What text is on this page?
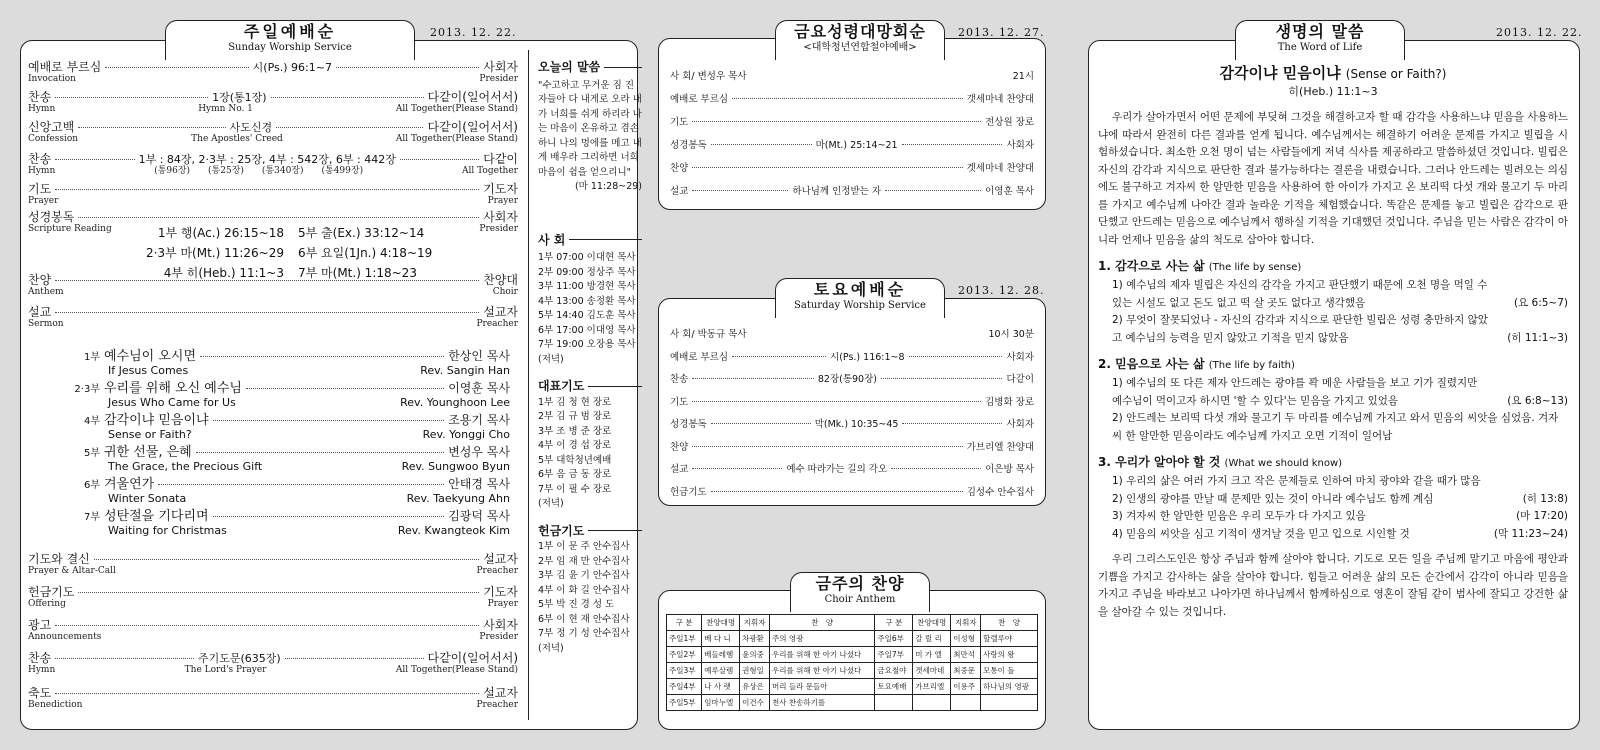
주일예배순
Sunday Worship Service
2013. 12. 22.
예배로 부르심	시(Ps.) 96:1~7	사회자
Invocation	Presider
찬송	1장(통1장)	다같이(일어서서)
Hymn	Hymn No. 1	All Together(Please Stand)
신앙고백	사도신경	다같이(일어서서)
Confession	The Apostles' Creed	All Together(Please Stand)
찬송	1부 : 84장, 2·3부 : 25장, 4부 : 542장, 6부 : 442장	다같이
Hymn	(통96장)　　(통25장)　　(통340장)　　(통499장)	All Together
기도	기도자
Prayer	Prayer
성경봉독	사회자
Scripture Reading	Presider
찬양	찬양대
Anthem	Choir
설교	설교자
Sermon	Preacher
1부 행(Ac.) 26:15~18	5부 출(Ex.) 33:12~14
2·3부 마(Mt.) 11:26~29	6부 요일(1Jn.) 4:18~19
4부 히(Heb.) 11:1~3	7부 마(Mt.) 1:18~23
1부 예수님이 오시면	한상인 목사
If Jesus Comes	Rev. Sangin Han
2·3부 우리를 위해 오신 예수님	이영훈 목사
Jesus Who Came for Us	Rev. Younghoon Lee
4부 감각이냐 믿음이냐	조용기 목사
Sense or Faith?	Rev. Yonggi Cho
5부 귀한 선물, 은혜	변성우 목사
The Grace, the Precious Gift	Rev. Sungwoo Byun
6부 겨울연가	안태경 목사
Winter Sonata	Rev. Taekyung Ahn
7부 성탄절을 기다리며	김광덕 목사
Waiting for Christmas	Rev. Kwangteok Kim
기도와 결신	설교자
Prayer & Altar-Call	Preacher
헌금기도	기도자
Offering	Prayer
광고	사회자
Announcements	Presider
찬송	주기도문(635장)	다같이(일어서서)
Hymn	The Lord's Prayer	All Together(Please Stand)
축도	설교자
Benediction	Preacher
오늘의 말씀
"수고하고 무거운 짐 진 자들아 다 내게로 오라 내가 너희를 쉬게 하리라 나는 마음이 온유하고 겸손하니 나의 멍에를 메고 내게 배우라 그리하면 너희 마음이 쉼을 얻으리니"
(마 11:28~29)
사 회
1부 07:00 이대현 목사
2부 09:00 정상주 목사
3부 11:00 방경현 목사
4부 13:00 송정환 목사
5부 14:40 김도훈 목사
6부 17:00 이대영 목사
7부 19:00 오장용 목사
(저녁)
대표기도
1부 김 청 현 장로
2부 김 규 범 장로
3부 조 병 준 장로
4부 이 경 섭 장로
5부 대학청년예배
6부 음 금 동 장로
7부 이 필 수 장로
(저녁)
헌금기도
1부 이 문 주 안수집사
2부 임 재 만 안수집사
3부 김 윤 기 안수집사
4부 이 화 길 안수집사
5부 박 진 경 성 도
6부 이 현 재 안수집사
7부 정 기 성 안수집사
(저녁)
금요성령대망회순
<대학청년연합철야예배>
2013. 12. 27.
사 회/ 변성우 목사	21시
예배로 부르심	갯세마네 찬양대
기도	전상원 장로
성경봉독	마(Mt.) 25:14~21	사회자
찬양	겟세마네 찬양대
설교	하나님께 인정받는 자	이영훈 목사
토요예배순
Saturday Worship Service
2013. 12. 28.
사 회/ 박동규 목사	10시 30분
예배로 부르심	시(Ps.) 116:1~8	사회자
찬송	82장(통90장)	다같이
기도	김병화 장로
성경봉독	막(Mk.) 10:35~45	사회자
찬양	가브리엘 찬양대
설교	예수 따라가는 길의 각오	이은방 목사
헌금기도	김성수 안수집사
금주의 찬양
Choir Anthem
구 분	찬양대명	지휘자	찬　양	구 분	찬양대명	지휘자	찬　양
주일1부	베 다 니	차광환	주의 영광	주일6부	갈 릴 리	이성형	할렐루야
주일2부	베들레헴	윤의중	우리를 위해 한 아기 나셨다	주일7부	미 가 엘	최만석	사랑의 왕
주일3부	예루살렘	권형일	우리를 위해 한 아기 나셨다	금요철야	겟세마네	최중문	모통이 돌
주일4부	나 사 렛	유상은	머리 들라 문들아	토요예배	가브리엘	이용주	하나님의 영광
주일5부	임마누엘	이건수	천사 찬송하기를				
생명의 말씀
The Word of Life
2013. 12. 22.
감각이냐 믿음이냐 (Sense or Faith?)
히(Heb.) 11:1~3

우리가 살아가면서 어떤 문제에 부딪혀 그것을 해결하고자 할 때 감각을 사용하느냐 믿음을 사용하느냐에 따라서 완전히 다른 결과를 얻게 됩니다. 예수님께서는 해결하기 어려운 문제를 가지고 빌립을 시험하셨습니다. 최소한 오천 명이 넘는 사람들에게 저녁 식사를 제공하라고 말씀하셨던 것입니다. 빌립은 자신의 감각과 지식으로 판단한 결과 불가능하다는 결론을 내렸습니다. 그러나 안드레는 빌려오는 의심에도 불구하고 겨자씨 한 알만한 믿음을 사용하여 한 아이가 가지고 온 보리떡 다섯 개와 물고기 두 마리를 가지고 예수님께 나아간 결과 놀라운 기적을 체험했습니다. 똑같은 문제를 놓고 빌립은 감각으로 판단했고 안드레는 믿음으로 예수님께서 행하실 기적을 기대했던 것입니다. 주님을 믿는 사람은 감각이 아니라 언제나 믿음을 삶의 척도로 삼아야 합니다.

1. 감각으로 사는 삶 (The life by sense)
1) 예수님의 제자 빌립은 자신의 감각을 가지고 판단했기 때문에 오천 명을 먹일 수 있는 시설도 없고 돈도 없고 떡 살 곳도 없다고 생각했음	(요 6:5~7)
2) 무엇이 잘못되었나 - 자신의 감각과 지식으로 판단한 빌립은 성령 충만하지 않았고 예수님의 능력을 믿지 않았고 기적을 믿지 않았음	(히 11:1~3)
2. 믿음으로 사는 삶 (The life by faith)
1) 예수님의 또 다른 제자 안드레는 광야를 꽉 메운 사람들을 보고 기가 질렸지만 예수님이 먹이고자 하시면 '할 수 있다'는 믿음을 가지고 있었음	(요 6:8~13)
2) 안드레는 보리떡 다섯 개와 물고기 두 마리를 예수님께 가지고 와서 믿음의 씨앗을 심었음. 겨자씨 한 알만한 믿음이라도 예수님께 가지고 오면 기적이 일어남
3. 우리가 알아야 할 것 (What we should know)
1) 우리의 삶은 여러 가지 크고 작은 문제들로 인하여 마치 광야와 같을 때가 많음
2) 인생의 광야를 만날 때 문제만 있는 것이 아니라 예수님도 함께 계심	(히 13:8)
3) 겨자씨 한 알만한 믿음은 우리 모두가 다 가지고 있음	(마 17:20)
4) 믿음의 씨앗을 심고 기적이 생겨날 것을 믿고 입으로 시인할 것	(막 11:23~24)

우리 그리스도인은 항상 주님과 함께 살아야 합니다. 기도로 모든 일을 주님께 맡기고 마음에 평안과 기쁨을 가지고 감사하는 삶을 살아야 합니다. 힘들고 어려운 삶의 모든 순간에서 감각이 아니라 믿음을 가지고 주님을 바라보고 나아가면 하나님께서 함께하심으로 영혼이 잘됨 같이 범사에 잘되고 강건한 삶을 살아갈 수 있는 것입니다.
